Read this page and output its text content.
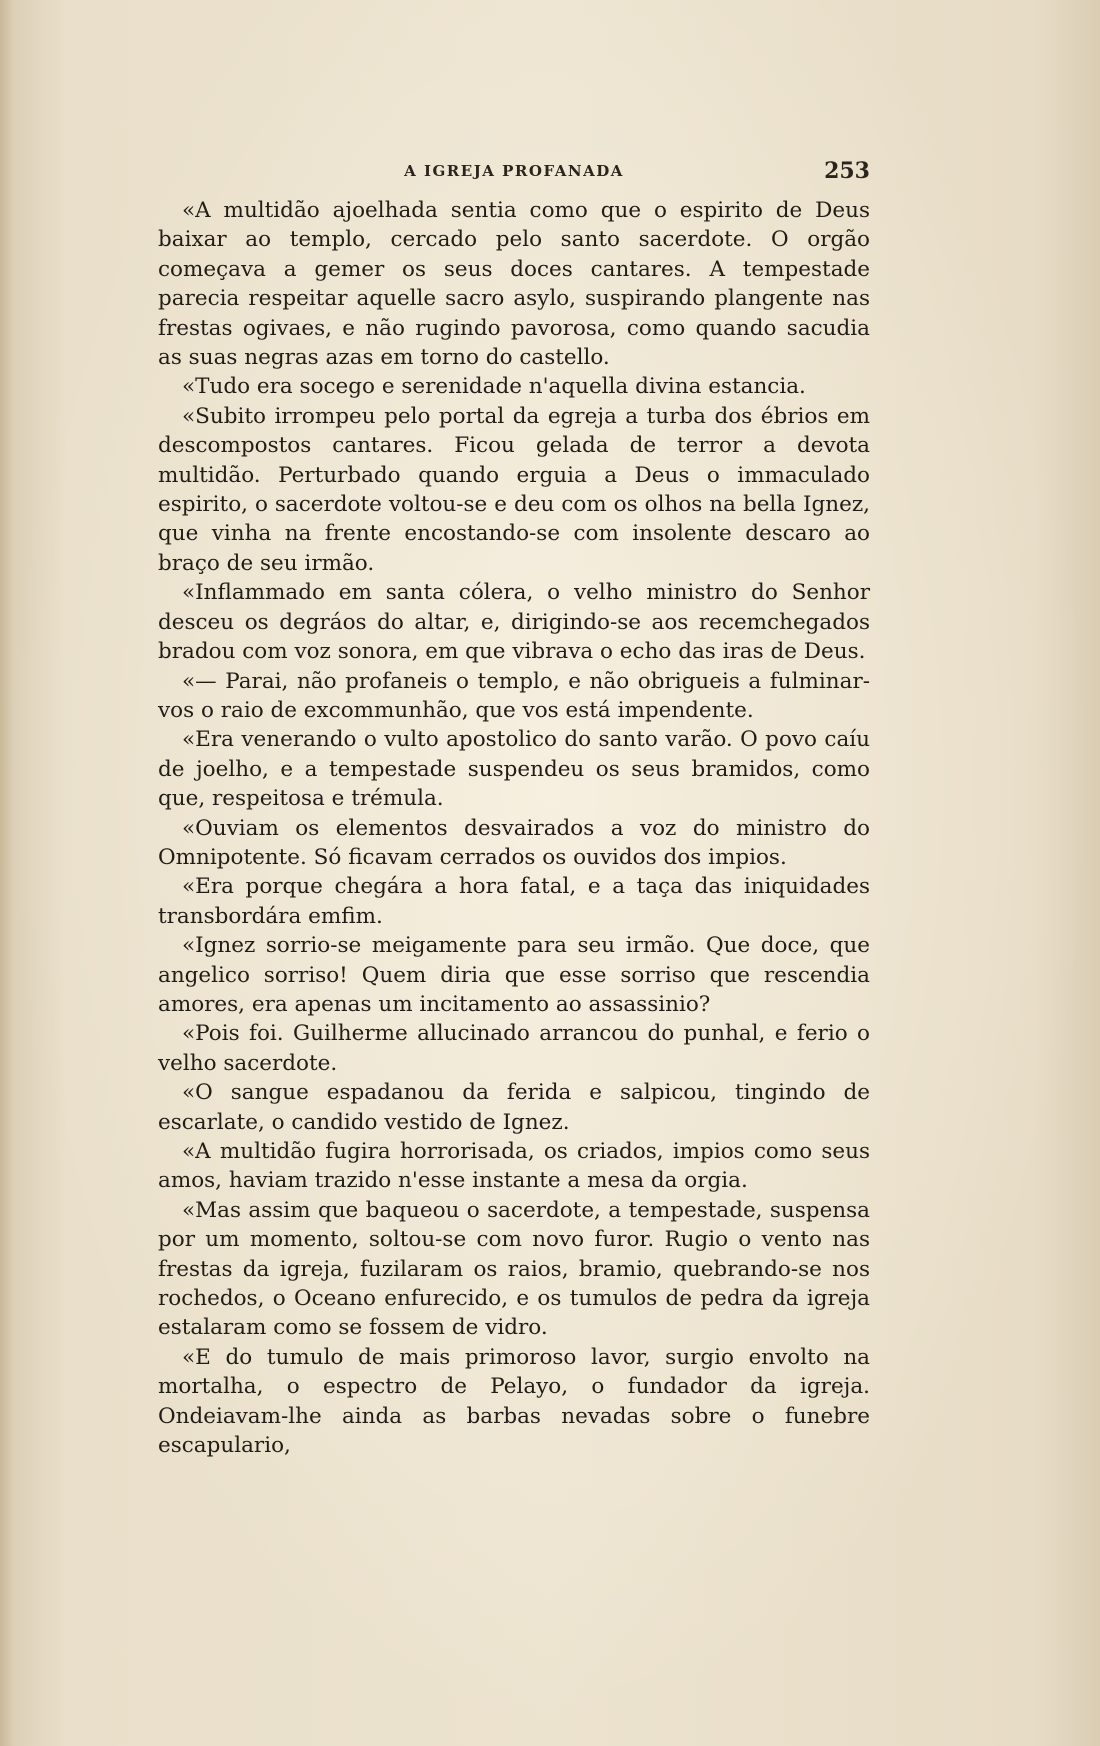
A IGREJA PROFANADA	253

«A multidão ajoelhada sentia como que o espirito de Deus baixar ao templo, cercado pelo santo sacerdote. O orgão começava a gemer os seus doces cantares. A tempestade parecia respeitar aquelle sacro asylo, suspirando plangente nas frestas ogivaes, e não rugindo pavorosa, como quando sacudia as suas negras azas em torno do castello.

«Tudo era socego e serenidade n'aquella divina estancia.

«Subito irrompeu pelo portal da egreja a turba dos ébrios em descompostos cantares. Ficou gelada de terror a devota multidão. Perturbado quando erguia a Deus o immaculado espirito, o sacerdote voltou-se e deu com os olhos na bella Ignez, que vinha na frente encostando-se com insolente descaro ao braço de seu irmão.

«Inflammado em santa cólera, o velho ministro do Senhor desceu os degráos do altar, e, dirigindo-se aos recemchegados bradou com voz sonora, em que vibrava o echo das iras de Deus.

«— Parai, não profaneis o templo, e não obrigueis a fulminar-vos o raio de excommunhão, que vos está impendente.

«Era venerando o vulto apostolico do santo varão. O povo caíu de joelho, e a tempestade suspendeu os seus bramidos, como que, respeitosa e trémula.

«Ouviam os elementos desvairados a voz do ministro do Omnipotente. Só ficavam cerrados os ouvidos dos impios.

«Era porque chegára a hora fatal, e a taça das iniquidades transbordára emfim.

«Ignez sorrio-se meigamente para seu irmão. Que doce, que angelico sorriso! Quem diria que esse sorriso que rescendia amores, era apenas um incitamento ao assassinio?

«Pois foi. Guilherme allucinado arrancou do punhal, e ferio o velho sacerdote.

«O sangue espadanou da ferida e salpicou, tingindo de escarlate, o candido vestido de Ignez.

«A multidão fugira horrorisada, os criados, impios como seus amos, haviam trazido n'esse instante a mesa da orgia.

«Mas assim que baqueou o sacerdote, a tempestade, suspensa por um momento, soltou-se com novo furor. Rugio o vento nas frestas da igreja, fuzilaram os raios, bramio, quebrando-se nos rochedos, o Oceano enfurecido, e os tumulos de pedra da igreja estalaram como se fossem de vidro.

«E do tumulo de mais primoroso lavor, surgio envolto na mortalha, o espectro de Pelayo, o fundador da igreja. Ondeiavam-lhe ainda as barbas nevadas sobre o funebre escapulario,
